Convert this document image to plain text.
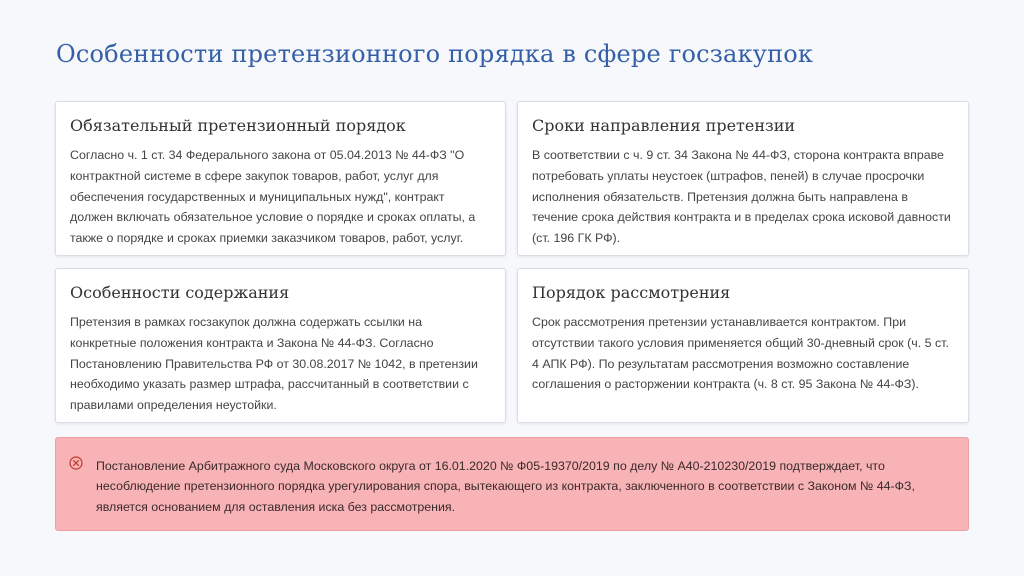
Особенности претензионного порядка в сфере госзакупок
Обязательный претензионный порядок

Согласно ч. 1 ст. 34 Федерального закона от 05.04.2013 № 44-ФЗ "О контрактной системе в сфере закупок товаров, работ, услуг для обеспечения государственных и муниципальных нужд", контракт должен включать обязательное условие о порядке и сроках оплаты, а также о порядке и сроках приемки заказчиком товаров, работ, услуг.

Сроки направления претензии

В соответствии с ч. 9 ст. 34 Закона № 44-ФЗ, сторона контракта вправе потребовать уплаты неустоек (штрафов, пеней) в случае просрочки исполнения обязательств. Претензия должна быть направлена в течение срока действия контракта и в пределах срока исковой давности (ст. 196 ГК РФ).

Особенности содержания

Претензия в рамках госзакупок должна содержать ссылки на конкретные положения контракта и Закона № 44-ФЗ. Согласно Постановлению Правительства РФ от 30.08.2017 № 1042, в претензии необходимо указать размер штрафа, рассчитанный в соответствии с правилами определения неустойки.

Порядок рассмотрения

Срок рассмотрения претензии устанавливается контрактом. При отсутствии такого условия применяется общий 30-дневный срок (ч. 5 ст. 4 АПК РФ). По результатам рассмотрения возможно составление соглашения о расторжении контракта (ч. 8 ст. 95 Закона № 44-ФЗ).

Постановление Арбитражного суда Московского округа от 16.01.2020 № Ф05-19370/2019 по делу № А40-210230/2019 подтверждает, что несоблюдение претензионного порядка урегулирования спора, вытекающего из контракта, заключенного в соответствии с Законом № 44-ФЗ, является основанием для оставления иска без рассмотрения.
